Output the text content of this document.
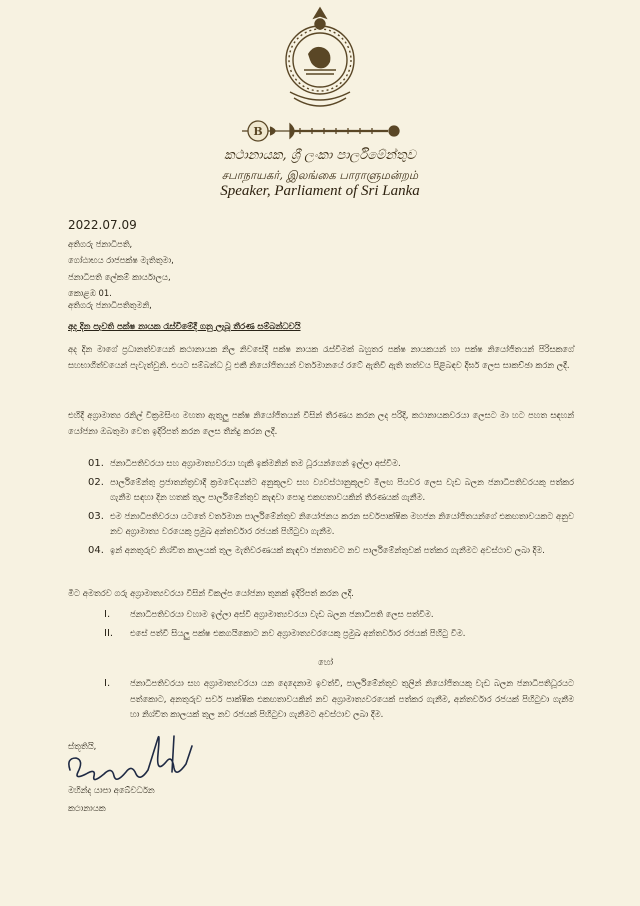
B
කථානායක, ශ්‍රී ලංකා පාර්ලිමේන්තුව
சபாநாயகர், இலங்கை பாராளுமன்றம்
Speaker, Parliament of Sri Lanka
2022.07.09
අතිගරු ජනාධිපති,
ගෝඨාභය රාජපක්ෂ මැතිතුමා,
ජනාධිපති ලේකම් කාර්යාලය,
කොළඹ 01.
අතිගරු ජනාධිපතිතුමනි,
අද දින පැවති පක්ෂ නායක රැස්වීමේදී ගනු ලැබූ තීරණ සම්බන්ධවයි
අද දින මාගේ ප්‍රධානත්වයෙන් කථානායක නිල නිවසේදී පක්ෂ නායක රැස්වීමක් බහුතර පක්ෂ නායකයන් හා පක්ෂ නියෝජිතයන් පිරිසකගේ සහභාගීත්වයෙන් පැවැත්වුනි. එයට සම්බන්ධ වූ එකී නියෝජිතයන් වර්තමානයේ රටේ ඇතිවී ඇති තත්වය පිළිබඳව දීර්ඝ ලෙස සාකච්ඡා කරන ලදී.
එහිදී අග්‍රාමාත්‍ය රනිල් වික්‍රමසිංහ මහතා ඇතුලු පක්ෂ නියෝජිතයන් විසින් තීරණය කරන ලද පරිදි, කථානායකවරයා ලෙසට මා හට පහත සඳහන් යෝජනා ඔබතුමා වෙත ඉදිරිපත් කරන ලෙස තීන්දු කරන ලදී.
01. ජනාධිපතිවරයා සහ අග්‍රාමාත්‍යවරයා හැකි ඉක්මනින් තම ධූරයන්ගෙන් ඉල්ලා අස්වීම.
02. පාර්ලිමේන්තු ප්‍රජාතන්ත්‍රවාදී ක්‍රමවේදයන්ට අනුකූලව සහ ව්‍යවස්ථානුකූලව මීලඟ පියවර ලෙස වැඩ බලන ජනාධිපතිවරයකු පත්කර ගැනීම සඳහා දින හතක් තුල පාර්ලිමේන්තුව කැඳවා පොදු එකඟතාවයකින් තීරණයක් ගැනීම.
03. එම ජනාධිපතිවරයා යටතේ වර්තමාන පාර්ලිමේන්තුව නියෝජනය කරන සර්වපාක්ෂික මහජන නියෝජිතයන්ගේ එකඟතාවයකට අනුව නව අග්‍රාමාත්‍ය වරයෙකු ප්‍රමුඛ අන්තර්වාර රජයක් පිහිටුවා ගැනීම.
04. ඉන් අනතුරුව නිශ්චිත කාලයක් තුල මැතිවරණයක් කැඳවා ජනතාවට නව පාර්ලිමේන්තුවක් පත්කර ගැනීමට අවස්ථාව ලබා දීම.
මීට අමතරව ගරු අග්‍රාමාත්‍යවරයා විසින් විකල්ප යෝජනා තුනක් ඉදිරිපත් කරන ලදී.
I.	ජනාධිපතිවරයා වහාම ඉල්ලා අස්වී අග්‍රාමාත්‍යවරයා වැඩ බලන ජනාධිපති ලෙස පත්වීම.
II.	එසේ පත්වී සියලු පක්ෂ එකගයිකොට නව අග්‍රාමාත්‍යවරයෙකු ප්‍රමුඛ අන්තර්වාර රජයක් පිහිටු වීම.
හෝ
I.	ජනාධිපතිවරයා සහ අග්‍රාමාත්‍යවරයා යන දෙදෙනාම ඉවත්වී, පාර්ලිමේන්තුව තුලින් නියෝජිතයකු වැඩ බලන ජනාධිපතිධූරයට පත්කොට, අනතුරුව සර්ව පාක්ෂික එකඟතාවයකින් නව අග්‍රාමාත්‍යවරයෙක් පත්කර ගැනීම, අන්තර්වාර රජයක් පිහිටුවා ගැනීම හා නිශ්චිත කාලයක් තුල නව රජයක් පිහිටුවා ගැනීමට අවස්ථාව ලබා දීම.
ස්තූතියි,
මහින්ද යාපා අබේවර්ධන
කථානායක
